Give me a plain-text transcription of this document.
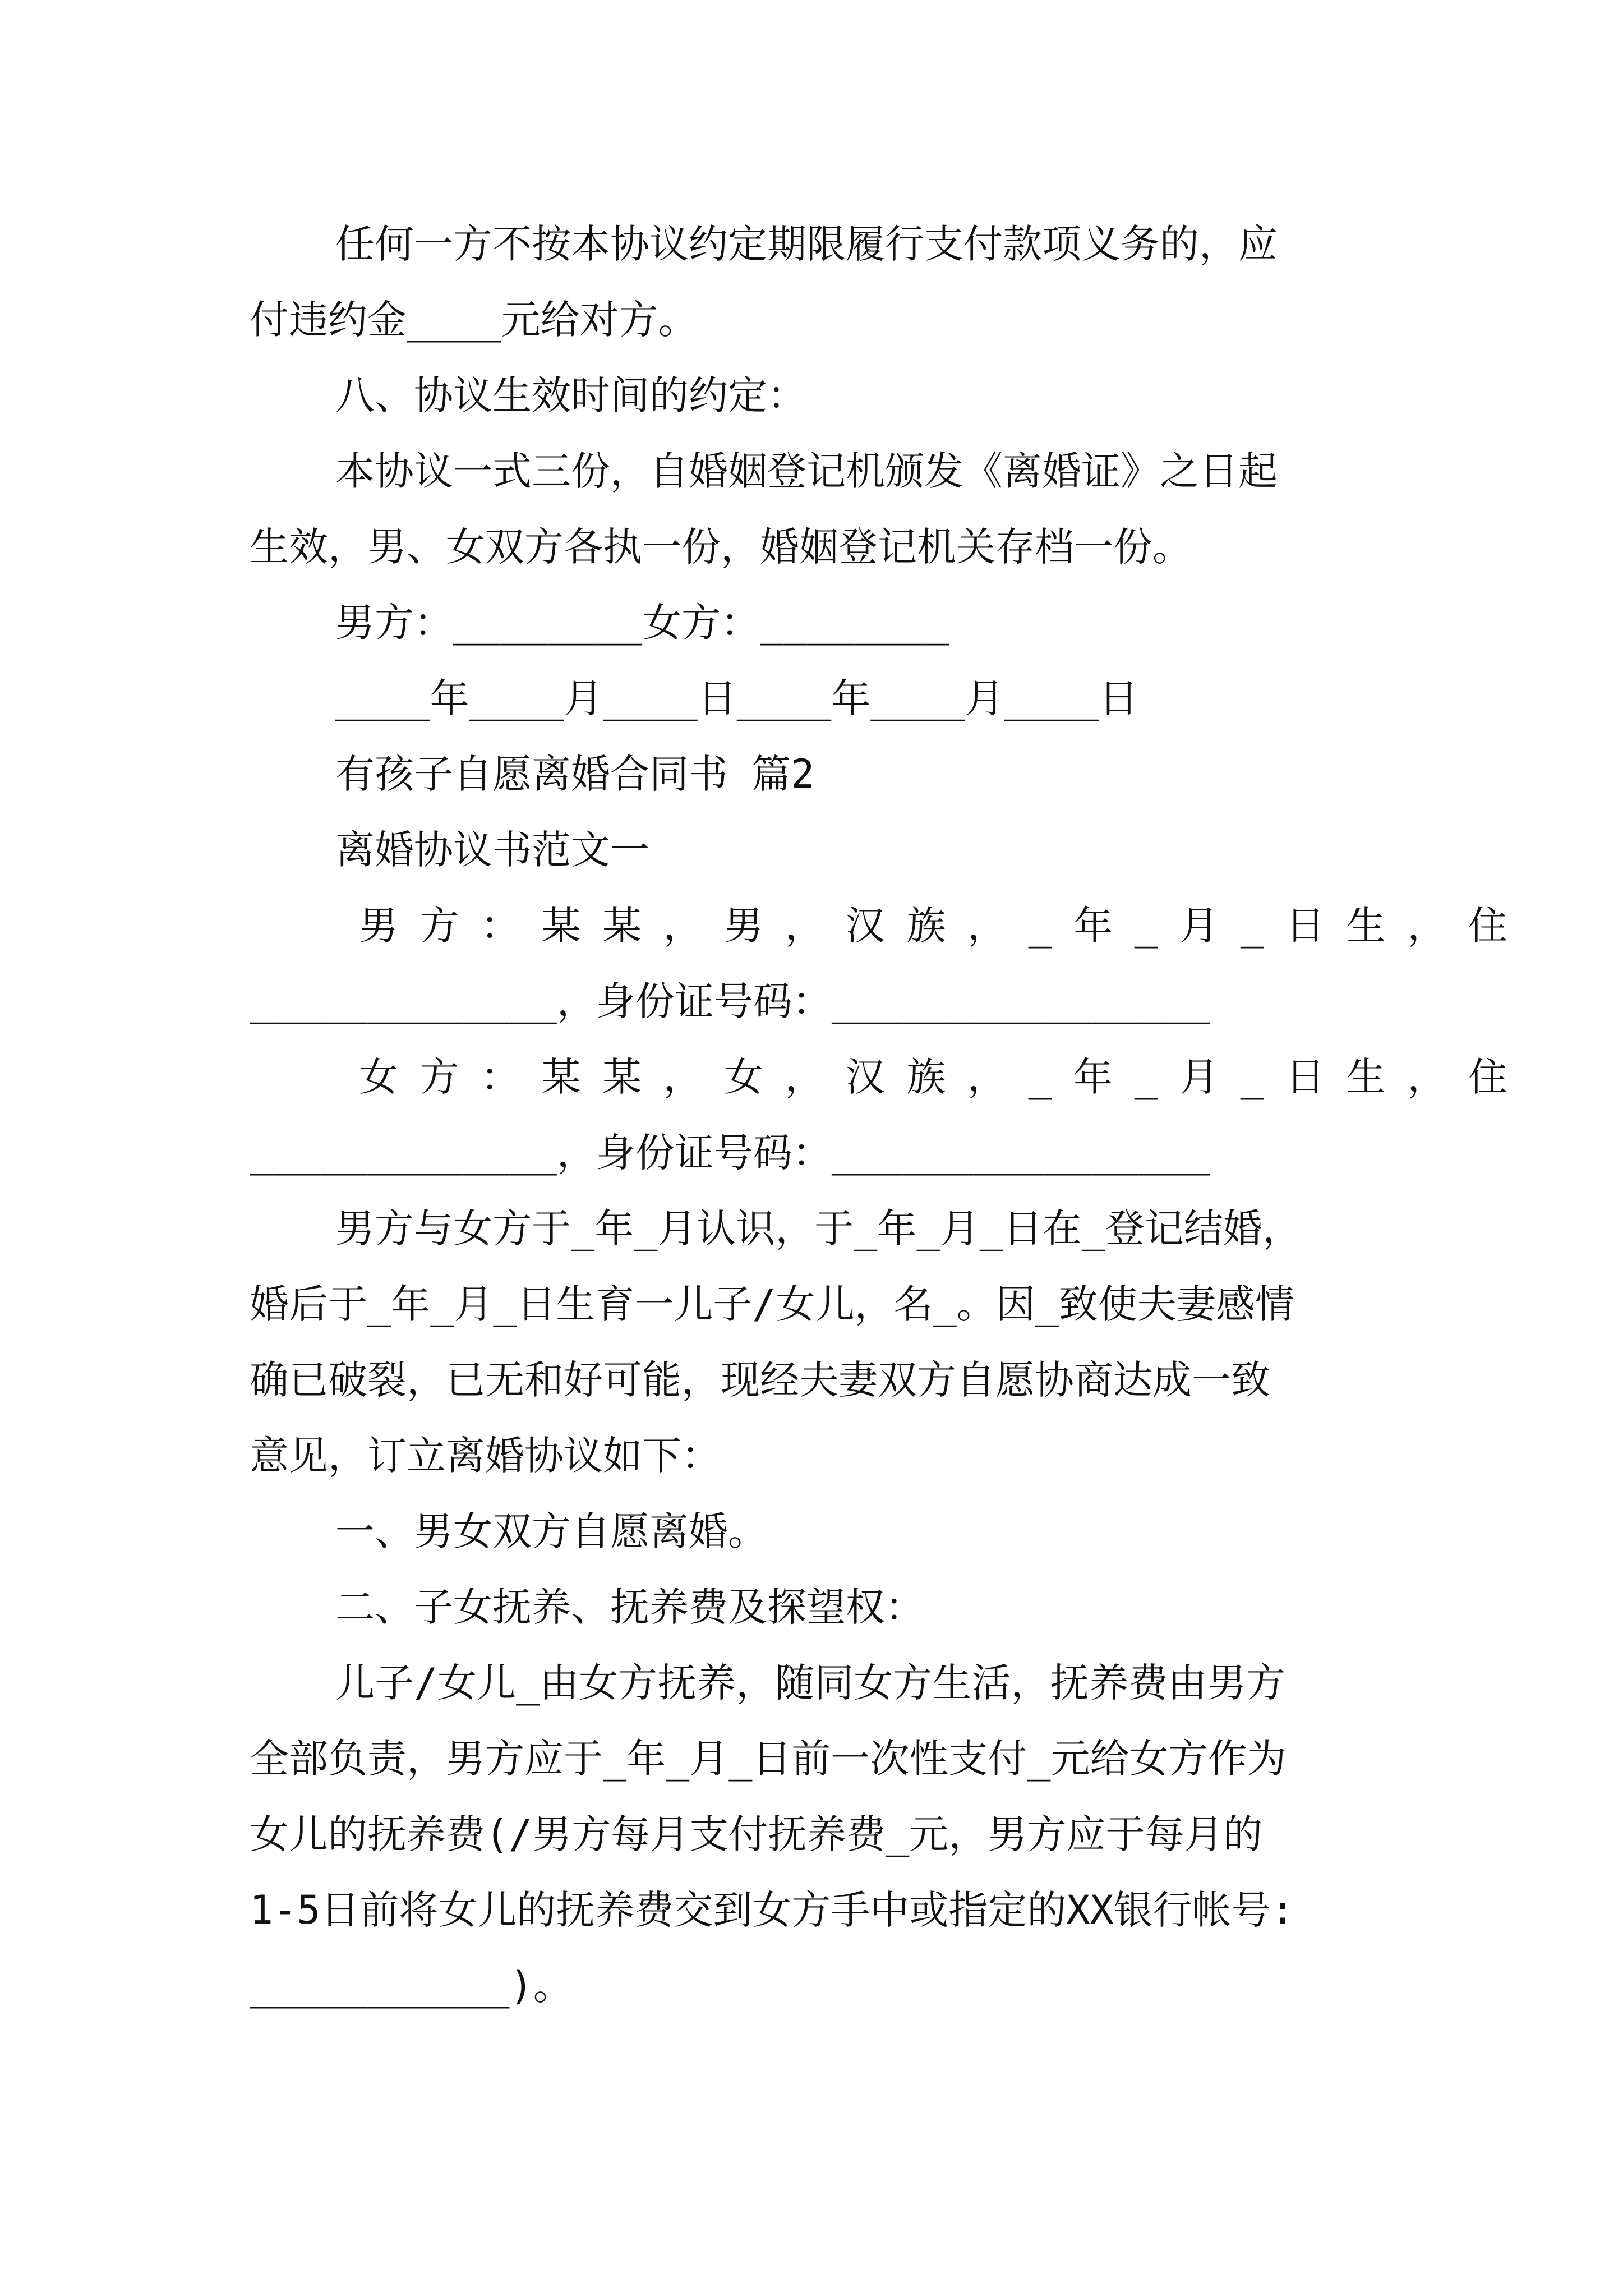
任何一方不按本协议约定期限履行支付款项义务的，应
付违约金____元给对方。
八、协议生效时间的约定：
本协议一式三份，自婚姻登记机颁发《离婚证》之日起
生效，男、女双方各执一份，婚姻登记机关存档一份。
男方：________女方：________
____年____月____日____年____月____日
有孩子自愿离婚合同书 篇2
离婚协议书范文一
男方：某某，男，汉族，_年_月_日生，住
_____________，身份证号码：________________
女方：某某，女，汉族，_年_月_日生，住
_____________，身份证号码：________________
男方与女方于_年_月认识，于_年_月_日在_登记结婚，
婚后于_年_月_日生育一儿子/女儿，名_。因_致使夫妻感情
确已破裂，已无和好可能，现经夫妻双方自愿协商达成一致
意见，订立离婚协议如下：
一、男女双方自愿离婚。
二、子女抚养、抚养费及探望权：
儿子/女儿_由女方抚养，随同女方生活，抚养费由男方
全部负责，男方应于_年_月_日前一次性支付_元给女方作为
女儿的抚养费(/男方每月支付抚养费_元，男方应于每月的
1-5日前将女儿的抚养费交到女方手中或指定的XX银行帐号:
___________)。
